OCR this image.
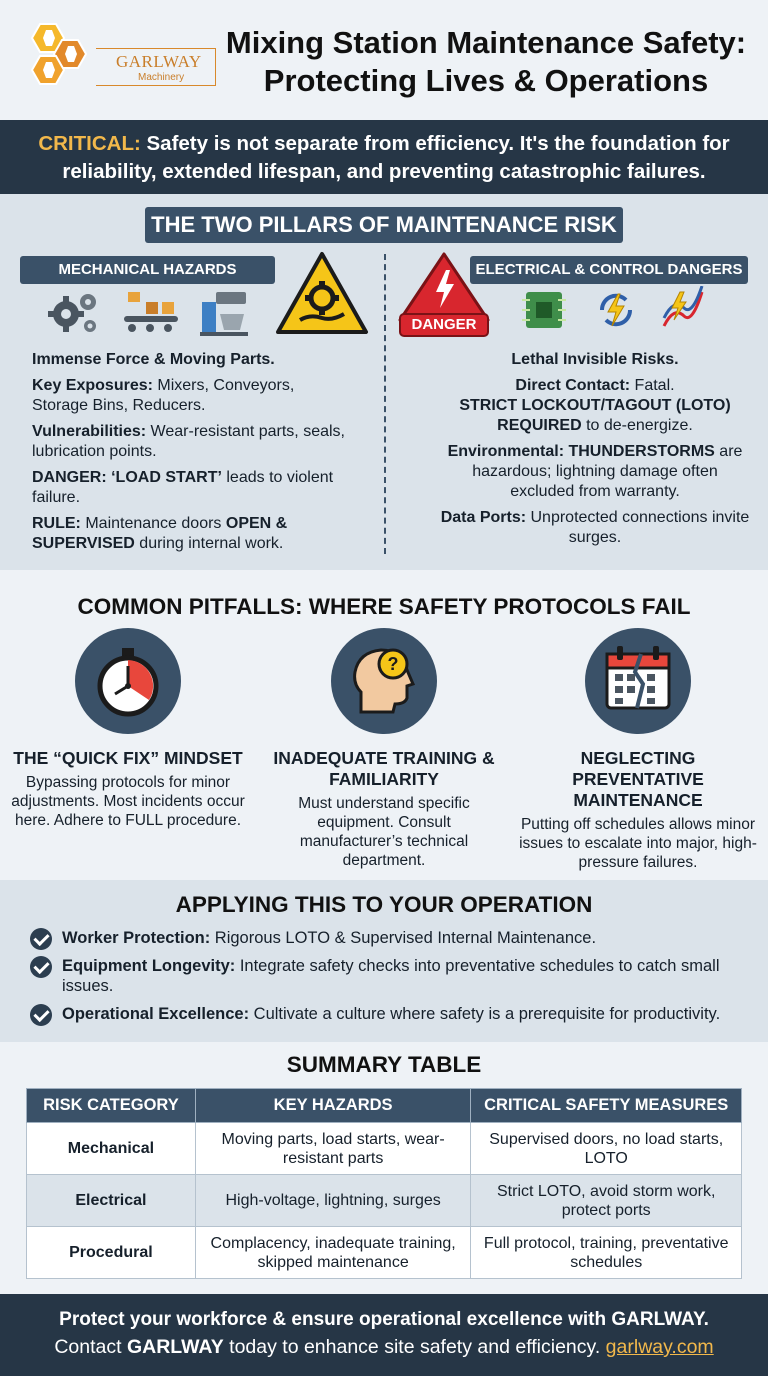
GARLWAY
Machinery
Mixing Station Maintenance Safety:
Protecting Lives & Operations
CRITICAL: Safety is not separate from efficiency. It's the foundation for
reliability, extended lifespan, and preventing catastrophic failures.
THE TWO PILLARS OF MAINTENANCE RISK
MECHANICAL HAZARDS	ELECTRICAL & CONTROL DANGERS
DANGER

Immense Force & Moving Parts.

Key Exposures: Mixers, Conveyors, Storage Bins, Reducers.

Vulnerabilities: Wear-resistant parts, seals, lubrication points.

DANGER: ‘LOAD START’ leads to violent failure.

RULE: Maintenance doors OPEN & SUPERVISED during internal work.

Lethal Invisible Risks.

Direct Contact: Fatal.
STRICT LOCKOUT/TAGOUT (LOTO) REQUIRED to de-energize.

Environmental: THUNDERSTORMS are hazardous; lightning damage often excluded from warranty.

Data Ports: Unprotected connections invite surges.

COMMON PITFALLS: WHERE SAFETY PROTOCOLS FAIL
THE “QUICK FIX” MINDSET

Bypassing protocols for minor adjustments. Most incidents occur here. Adhere to FULL procedure.

?
INADEQUATE TRAINING & FAMILIARITY

Must understand specific equipment. Consult manufacturer’s technical department.

NEGLECTING PREVENTATIVE MAINTENANCE

Putting off schedules allows minor issues to escalate into major, high-pressure failures.

APPLYING THIS TO YOUR OPERATION
Worker Protection: Rigorous LOTO & Supervised Internal Maintenance.
Equipment Longevity: Integrate safety checks into preventative schedules to catch small issues.
Operational Excellence: Cultivate a culture where safety is a prerequisite for productivity.
SUMMARY TABLE
RISK CATEGORY	KEY HAZARDS	CRITICAL SAFETY MEASURES
Mechanical	Moving parts, load starts, wear-resistant parts	Supervised doors, no load starts, LOTO
Electrical	High-voltage, lightning, surges	Strict LOTO, avoid storm work, protect ports
Procedural	Complacency, inadequate training, skipped maintenance	Full protocol, training, preventative schedules
Protect your workforce & ensure operational excellence with GARLWAY.
Contact GARLWAY today to enhance site safety and efficiency. garlway.com
